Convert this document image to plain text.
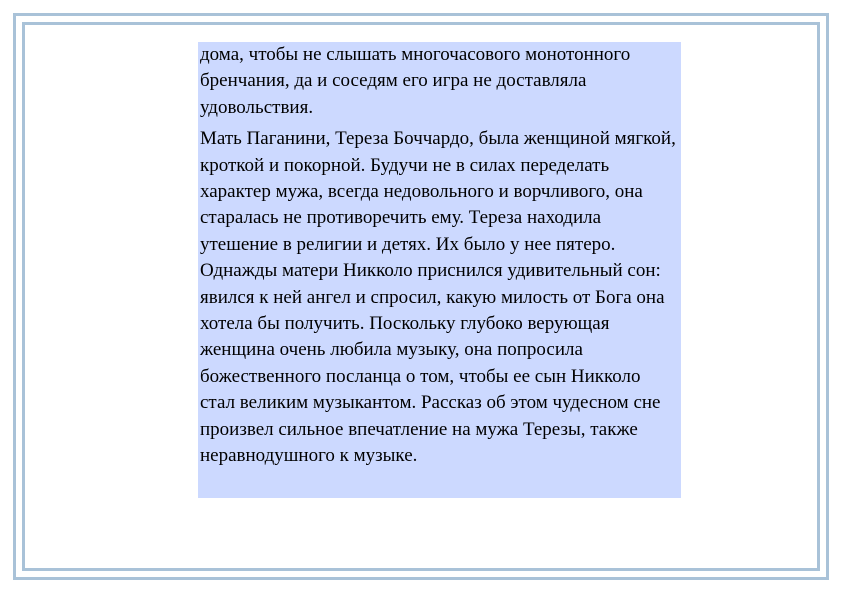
дома, чтобы не слышать многочасового монотонного бренчания, да и соседям его игра не доставляла удовольствия.

Мать Паганини, Тереза Боччардо, была женщиной мягкой, кроткой и покорной. Будучи не в силах переделать характер мужа, всегда недовольного и ворчливого, она старалась не противоречить ему. Тереза находила утешение в религии и детях. Их было у нее пятеро. Однажды матери Никколо приснился удивительный сон: явился к ней ангел и спросил, какую милость от Бога она хотела бы получить. Поскольку глубоко верующая женщина очень любила музыку, она попросила божественного посланца о том, чтобы ее сын Никколо стал великим музыкантом. Рассказ об этом чудесном сне произвел сильное впечатление на мужа Терезы, также неравнодушного к музыке.
